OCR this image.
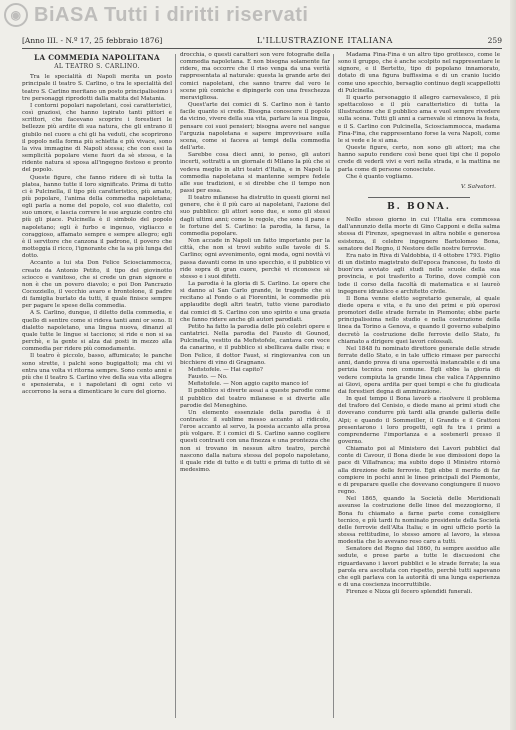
◉ BiASA Tutti i diritti riservati
[Anno III. - N.º 17, 25 febbraio 1876]	L'ILLUSTRAZIONE ITALIANA	259
LA COMMEDIA NAPOLITANA
AL TEATRO S. CARLINO.

Tra le specialità di Napoli merita un posto principale il teatro S. Carlino, o tra le specialità del teatro S. Carlino meritano un posto principalissimo i tre personaggi riprodotti dalla matita del Matania.

I contorni popolari napoletani, così caratteristici, così graziosi, che hanno ispirato tanti pittori e scrittori, che facevano scoprire i forestieri le bellezze più ardite di sua natura, che gli entrano il giubilo nel cuore a chi gli ha veduti, che scoprirono il popolo nella forma più schietta e più vivace, sono la viva immagine di Napoli stessa; che con essi la semplicità popolare viene fuori da sè stessa, e la ridente natura si sposa all'ingegno festoso e pronto del popolo.

Queste figure, che fanno ridere di sè tutta la platea, hanno tutte il loro significato. Prima di tutto ci è Pulcinella, il tipo più caratteristico, più amato, più popolare, l'anima della commedia napoletana; egli parla a nome del popolo, col suo dialetto, col suo umore, e lascia correre le sue arguzie contro chi più gli piace. Pulcinella è il simbolo del popolo napoletano; egli è furbo e ingenuo, vigliacco e coraggioso, affamato sempre e sempre allegro; egli è il servitore che canzona il padrone, il povero che motteggia il ricco, l'ignorante che la sa più lunga del dotto.

Accanto a lui sta Don Felice Sciosciammocca, creato da Antonio Petito, il tipo del giovinotto sciocco e vanitoso, che si crede un gran signore e non è che un povero diavolo; e poi Don Pancrazio Cocozziello, il vecchio avaro e brontolone, il padre di famiglia burlato da tutti, il quale finisce sempre per pagare le spese della commedia.

A S. Carlino, dunque, il diletto della commedia, e quello di sentire come si rideva tanti anni or sono. Il dialetto napoletano, una lingua nuova, dinanzi al quale tutte le lingue si tacciono; si ride e non si sa perchè, e la gente si alza dai posti in mezzo alla commedia per ridere più comodamente.

Il teatro è piccolo, basso, affumicato; le panche sono strette, i palchi sono bugigattoli; ma chi vi entra una volta vi ritorna sempre. Sono cento anni e più che il teatro S. Carlino vive della sua vita allegra e spensierata, e i napoletani di ogni ceto vi accorrono la sera a dimenticare le cure del giorno.

drocchia, o questi caratteri son vere fotografie della commedia napoletana. E non bisogna solamente far ridere, ma occorre che il riso venga da una verità rappresentata al naturale: questa la grande arte dei comici napoletani, che sanno trarre dal vero le scene più comiche e dipingerle con una freschezza meravigliosa.

Quest'arte dei comici di S. Carlino non è tanto facile quanto si crede. Bisogna conoscere il popolo da vicino, vivere della sua vita, parlare la sua lingua, pensare coi suoi pensieri; bisogna avere nel sangue l'arguzia napoletana e sapere improvvisare sulla scena, come si faceva ai tempi della commedia dell'arte.

Sarebbe cosa dieci anni, io penso, gli autori incerti, sottratti a un giornale di Milano la più che si vedeva meglio in altri teatri d'Italia, e in Napoli la commedia napoletana si mantenne sempre fedele alle sue tradizioni, e si direbbe che il tempo non passi per essa.

Il teatro milanese ha distrutto in questi giorni nel genere, che è il più caro ai napoletani, l'azione del suo pubblico: gli attori sono due, e sono gli stessi dagli ultimi anni; come le regole, che sono il pane e le fortune del S. Carlino: la parodia, la farsa, la commedia popolare.

Non accade in Napoli un fatto importante per la città, che non si trovi subito sulle tavole di S. Carlino; ogni avvenimento, ogni moda, ogni novità vi passa davanti come in uno specchio, e il pubblico vi ride sopra di gran cuore, perchè vi riconosce sè stesso e i suoi difetti.

La parodia è la gloria di S. Carlino. Le opere che si danno al San Carlo grande, le tragedie che si recitano al Fondo o ai Fiorentini, le commedie più applaudite degli altri teatri, tutto viene parodiato dai comici di S. Carlino con uno spirito e una grazia che fanno ridere anche gli autori parodiati.

Petito ha fatto la parodia delle più celebri opere e cantatrici. Nella parodia del Fausto di Gounod, Pulcinella, vestito da Mefistofele, cantava con voce da canarino, e il pubblico si sbellicava dalle risa; e Don Felice, il dottor Faust, si ringiovaniva con un bicchiere di vino di Gragnano.

Mefistofele. — Hai capito?

Fausto. — No.

Mefistofele. — Non aggio capito manco io!

Il pubblico si diverte assai a queste parodie come il pubblico del teatro milanese e si diverte alle parodie del Meneghino.

Un elemento essenziale della parodia è il contrasto: il sublime messo accanto al ridicolo, l'eroe accanto al servo, la poesia accanto alla prosa più volgare. E i comici di S. Carlino sanno cogliere questi contrasti con una finezza e una prontezza che non si trovano in nessun altro teatro, perchè nascono dalla natura stessa del popolo napoletano, il quale ride di tutto e di tutti e prima di tutto di sè medesimo.

Madama Fina-Fina è un altro tipo grottesco, come le sono il gruppo, che è anche scolpito nel rappresentare le signore, e il Bertetto, tipo di popolano innamorato, dotato di una figura buffissima e di un cranio lucido come uno specchio, bersaglio continuo degli scappellotti di Pulcinella.

Il quarto personaggio il allegro carnevalesco, il più spettacoloso e il più caratteristico di tutta la illustrazione che il pubblico ama e vuol sempre rivedere sulla scena. Tutti gli anni a carnevale si rinnova la festa, e il S. Carlino con Pulcinella, Sciosciammocca, madama Fina-Fina, che rappresentano forse la vera Napoli, come le si vede e le si ama.

Queste figure, certo, non sono gli attori; ma che hanno saputo rendere così bene quei tipi che il popolo crede di vederli vivi e veri nella strada, e la mattina ne parla come di persone conosciute.

Che è quanto vogliamo.

V. Salvatori.
B. BONA.

Nello stesso giorno in cui l'Italia era commossa dall'annunzio della morte di Gino Capponi e della salma stessa di Firenze, spegnevasi in altra nobile e generosa esistenza, il celebre ingegnere Bartolomeo Bona, senatore del Regno, il Nestore delle nostre ferrovie.

Era nato in Riva di Valdobbia, il 4 ottobre 1793. Figlio di un distinto magistrato dell'epoca francese, fu tosto di buon'ora avviato agli studi nelle scuole della sua provincia, e poi trasferito a Torino, dove compiè con lode il corso della facoltà di matematica e si laureò ingegnere idraulico e architetto civile.

Il Bona venne eletto segretario generale, al quale diede opera e vita, e fu uno dei primi e più operosi promotori delle strade ferrate in Piemonte; ebbe parte principalissima nello studio e nella costruzione della linea da Torino a Genova, e quando il governo subalpino decretò la costruzione delle ferrovie dello Stato, fu chiamato a dirigere quei lavori colossali.

Nel 1848 fu nominato direttore generale delle strade ferrate dello Stato, e in tale ufficio rimase per parecchi anni, dando prova di una operosità instancabile e di una perizia tecnica non comune. Egli ebbe la gloria di vedere compiuta la grande linea che valica l'Appennino ai Giovi, opera ardita per quei tempi e che fu giudicata dai forestieri degna di ammirazione.

In quel tempo il Bona lavorò a risolvere il problema del traforo del Cenisio, e diede mano ai primi studi che dovevano condurre più tardi alla grande galleria delle Alpi; e quando il Sommeiller, il Grandis e il Grattoni presentarono i loro progetti, egli fu tra i primi a comprenderne l'importanza e a sostenerli presso il governo.

Chiamato poi al Ministero dei Lavori pubblici dal conte di Cavour, il Bona diede le sue dimissioni dopo la pace di Villafranca; ma subito dopo il Ministro ritornò alla direzione delle ferrovie. Egli ebbe il merito di far compiere in pochi anni le linee principali del Piemonte, e di preparare quelle che dovevano congiungere il nuovo regno.

Nel 1865, quando la Società delle Meridionali assunse la costruzione delle linee del mezzogiorno, il Bona fu chiamato a farne parte come consigliere tecnico, e più tardi fu nominato presidente della Società delle ferrovie dell'Alta Italia; e in ogni ufficio portò la stessa rettitudine, lo stesso amore al lavoro, la stessa modestia che lo avevano reso caro a tutti.

Senatore del Regno dal 1860, fu sempre assiduo alle sedute, e prese parte a tutte le discussioni che riguardavano i lavori pubblici e le strade ferrate; la sua parola era ascoltata con rispetto, perchè tutti sapevano che egli parlava con la autorità di una lunga esperienza e di una coscienza incorruttibile.

Firenze e Nizza gli fecero splendidi funerali.
